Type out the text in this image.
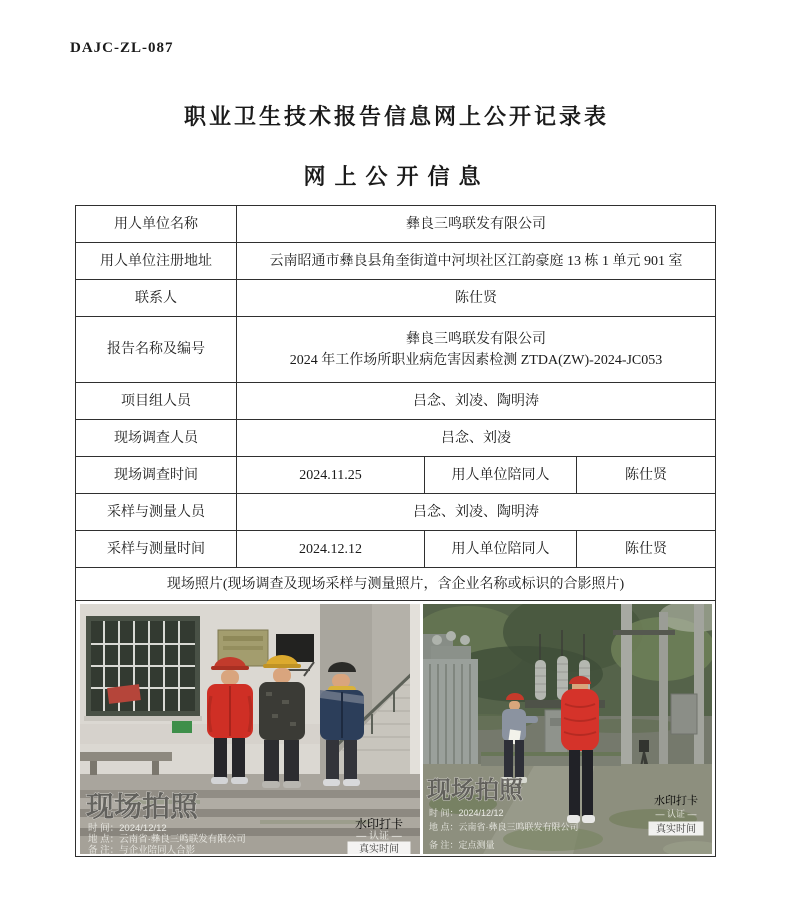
DAJC-ZL-087
职业卫生技术报告信息网上公开记录表
网上公开信息
用人单位名称	彝良三鸣联发有限公司		
用人单位注册地址	云南昭通市彝良县角奎街道中河坝社区江韵豪庭 13 栋 1 单元 901 室		
联系人	陈仕贤		
报告名称及编号	彝良三鸣联发有限公司
2024 年工作场所职业病危害因素检测 ZTDA(ZW)-2024-JC053		

项目组人员	吕念、刘凌、陶明涛		
现场调查人员	吕念、刘凌		
现场调查时间	2024.11.25	用人单位陪同人	陈仕贤
采样与测量人员	吕念、刘凌、陶明涛		
采样与测量时间	2024.12.12	用人单位陪同人	陈仕贤
现场照片(现场调查及现场采样与测量照片，含企业名称或标识的合影照片)			

现场拍照
时 间：2024/12/12
地 点：云南省·彝良三鸣联发有限公司
备 注：与企业陪同人合影
水印打卡
— 认证 —
真实时间
现场拍照
时 间：2024/12/12
地 点：云南省·彝良三鸣联发有限公司
备 注：定点测量
水印打卡
— 认证 —
真实时间
